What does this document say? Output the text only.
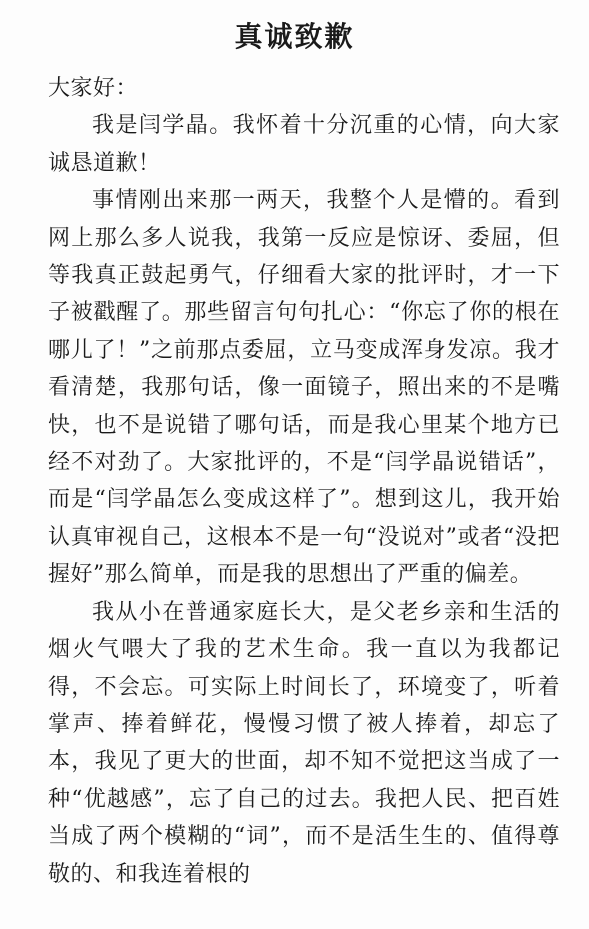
真诚致歉

大家好：

我是闫学晶。我怀着十分沉重的心情，向大家诚恳道歉！

事情刚出来那一两天，我整个人是懵的。看到网上那么多人说我，我第一反应是惊讶、委屈，但等我真正鼓起勇气，仔细看大家的批评时，才一下子被戳醒了。那些留言句句扎心：“你忘了你的根在哪儿了！”之前那点委屈，立马变成浑身发凉。我才看清楚，我那句话，像一面镜子，照出来的不是嘴快，也不是说错了哪句话，而是我心里某个地方已经不对劲了。大家批评的，不是“闫学晶说错话”，而是“闫学晶怎么变成这样了”。想到这儿，我开始认真审视自己，这根本不是一句“没说对”或者“没把握好”那么简单，而是我的思想出了严重的偏差。

我从小在普通家庭长大，是父老乡亲和生活的烟火气喂大了我的艺术生命。我一直以为我都记得，不会忘。可实际上时间长了，环境变了，听着掌声、捧着鲜花，慢慢习惯了被人捧着，却忘了本，我见了更大的世面，却不知不觉把这当成了一种“优越感”，忘了自己的过去。我把人民、把百姓当成了两个模糊的“词”，而不是活生生的、值得尊敬的、和我连着根的
